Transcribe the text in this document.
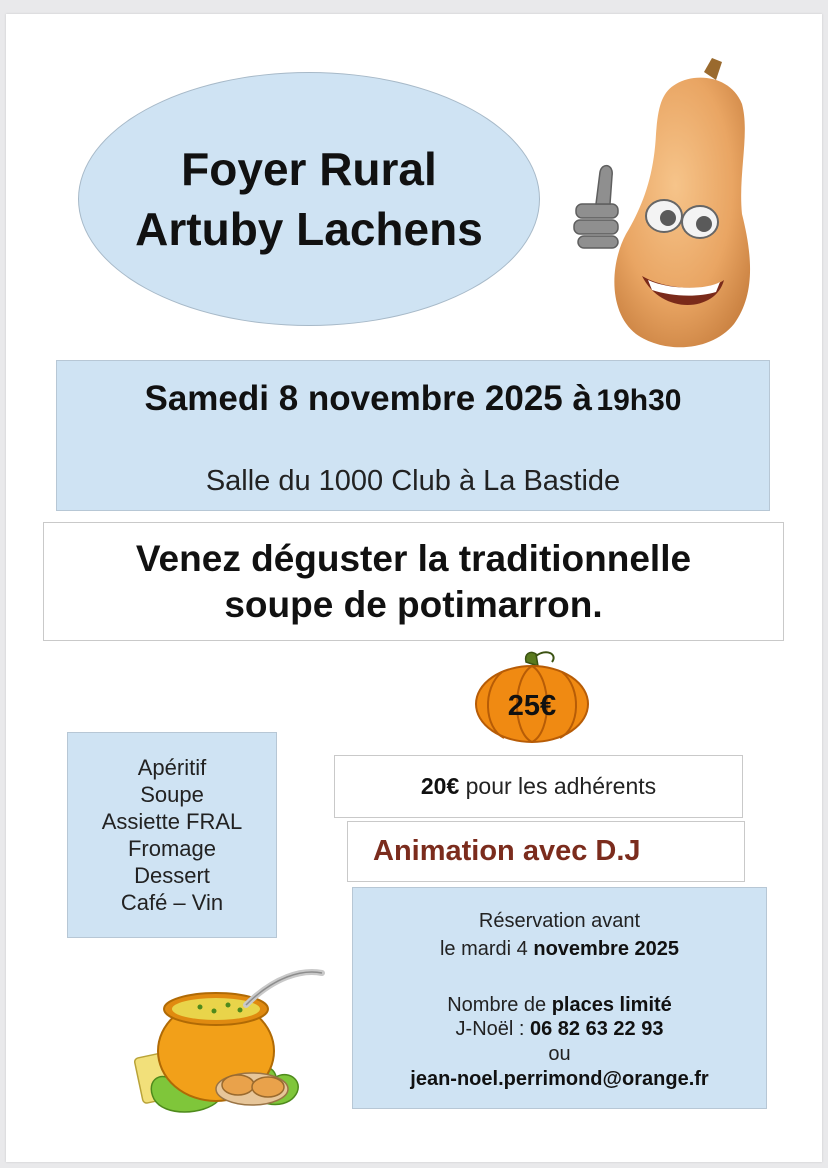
Foyer Rural
Artuby Lachens
Samedi 8 novembre 2025 à 19h30
Salle du 1000 Club à La Bastide
Venez déguster la traditionnelle
soupe de potimarron.
25€
Apéritif
Soupe
Assiette FRAL
Fromage
Dessert
Café – Vin
20€
pour les adhérents
Animation avec D.J
Réservation avant
le mardi 4 novembre 2025
Nombre de places limité
J-Noël : 06 82 63 22 93
ou
jean-noel.perrimond@orange.fr
